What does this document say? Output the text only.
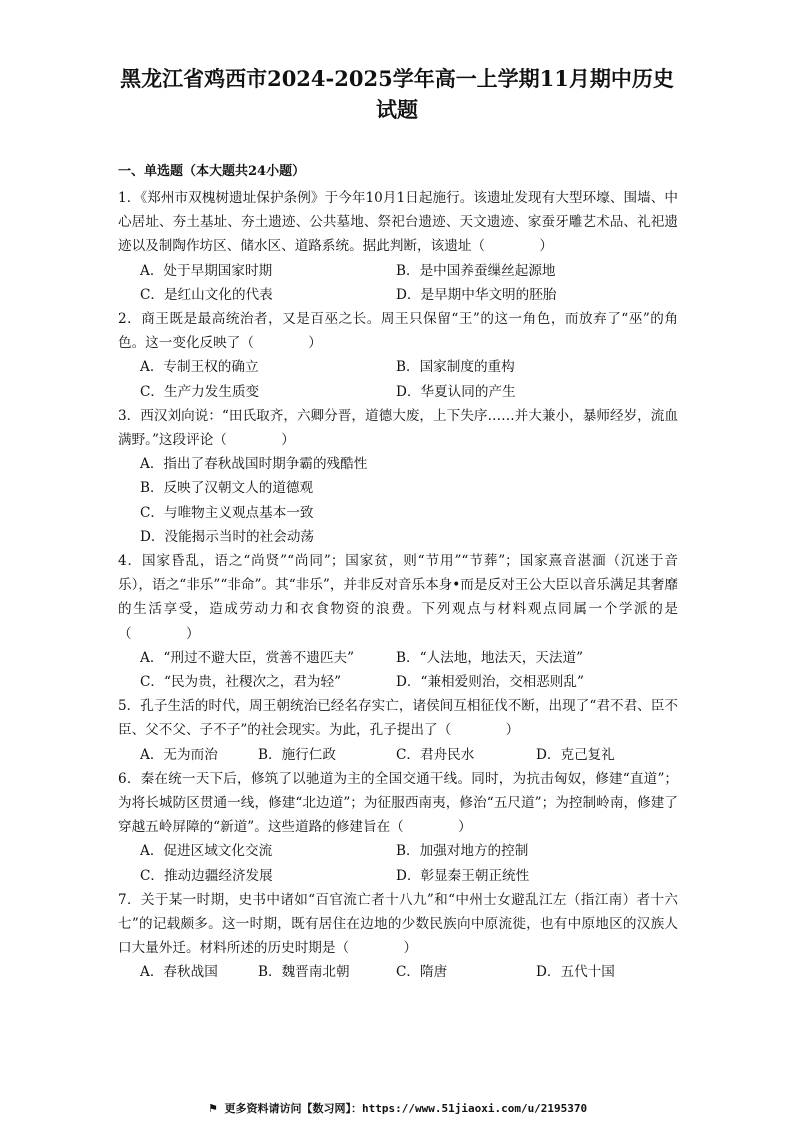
黑龙江省鸡西市2024-2025学年高一上学期11月期中历史
试题
一、单选题（本大题共24小题）

1．《郑州市双槐树遗址保护条例》于今年10月1日起施行。该遗址发现有大型环壕、围墙、中心居址、夯土基址、夯土遗迹、公共墓地、祭祀台遗迹、天文遗迹、家蚕牙雕艺术品、礼祀遗迹以及制陶作坊区、储水区、道路系统。据此判断，该遗址（　　　　）

A．处于早期国家时期	B．是中国养蚕缫丝起源地
C．是红山文化的代表	D．是早期中华文明的胚胎

2．商王既是最高统治者，又是百巫之长。周王只保留“王”的这一角色，而放弃了“巫”的角色。这一变化反映了（　　　　）

A．专制王权的确立	B．国家制度的重构
C．生产力发生质变	D．华夏认同的产生

3．西汉刘向说：“田氏取齐，六卿分晋，道德大废，上下失序……并大兼小，暴师经岁，流血满野。”这段评论（　　　　）

A．指出了春秋战国时期争霸的残酷性
B．反映了汉朝文人的道德观
C．与唯物主义观点基本一致
D．没能揭示当时的社会动荡

4．国家昏乱，语之“尚贤”“尚同”；国家贫，则“节用”“节葬”；国家熹音湛湎（沉迷于音乐），语之“非乐”“非命”。其“非乐”，并非反对音乐本身•而是反对王公大臣以音乐满足其奢靡的生活享受，造成劳动力和衣食物资的浪费。下列观点与材料观点同属一个学派的是（　　　　）

A．“刑过不避大臣，赏善不遗匹夫”	B．“人法地，地法天，天法道”
C．“民为贵，社稷次之，君为轻”	D．“兼相爱则治，交相恶则乱”

5．孔子生活的时代，周王朝统治已经名存实亡，诸侯间互相征伐不断，出现了“君不君、臣不臣、父不父、子不子”的社会现实。为此，孔子提出了（　　　　）

A．无为而治	B．施行仁政	C．君舟民水	D．克己复礼

6．秦在统一天下后，修筑了以驰道为主的全国交通干线。同时，为抗击匈奴，修建“直道”；为将长城防区贯通一线，修建“北边道”；为征服西南夷，修治“五尺道”；为控制岭南，修建了穿越五岭屏障的“新道”。这些道路的修建旨在（　　　　）

A．促进区域文化交流	B．加强对地方的控制
C．推动边疆经济发展	D．彰显秦王朝正统性

7．关于某一时期，史书中诸如“百官流亡者十八九”和“中州士女避乱江左（指江南）者十六七”的记载颇多。这一时期，既有居住在边地的少数民族向中原流徙，也有中原地区的汉族人口大量外迁。材料所述的历史时期是（　　　　）

A．春秋战国	B．魏晋南北朝	C．隋唐	D．五代十国
⚑ 更多资料请访问【数习网】：https://www.51jiaoxi.com/u/2195370
